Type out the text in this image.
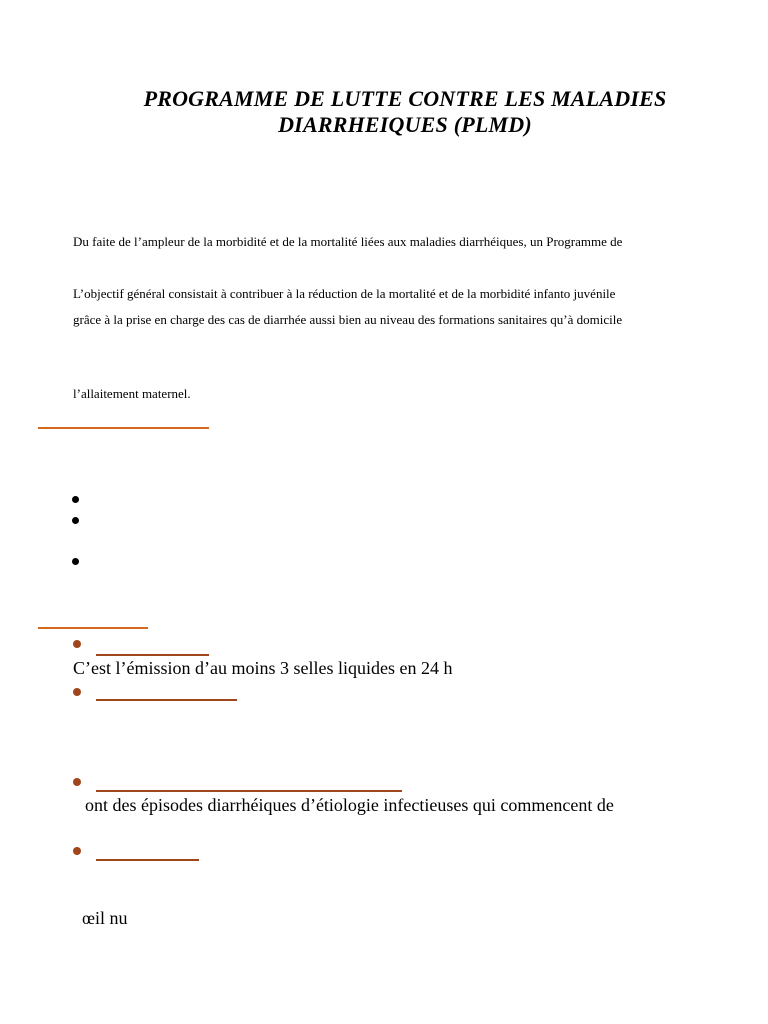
PROGRAMME DE LUTTE CONTRE LES MALADIES
DIARRHEIQUES (PLMD)
Du faite de l’ampleur de la morbidité et de la mortalité liées aux maladies diarrhéiques, un Programme de
L’objectif général consistait à contribuer à la réduction de la mortalité et de la morbidité infanto juvénile
grâce à la prise en charge des cas de diarrhée aussi bien au niveau des formations sanitaires qu’à domicile
l’allaitement maternel.
C’est l’émission d’au moins 3 selles liquides en 24 h
ont des épisodes diarrhéiques d’étiologie infectieuses qui commencent de
œil nu
